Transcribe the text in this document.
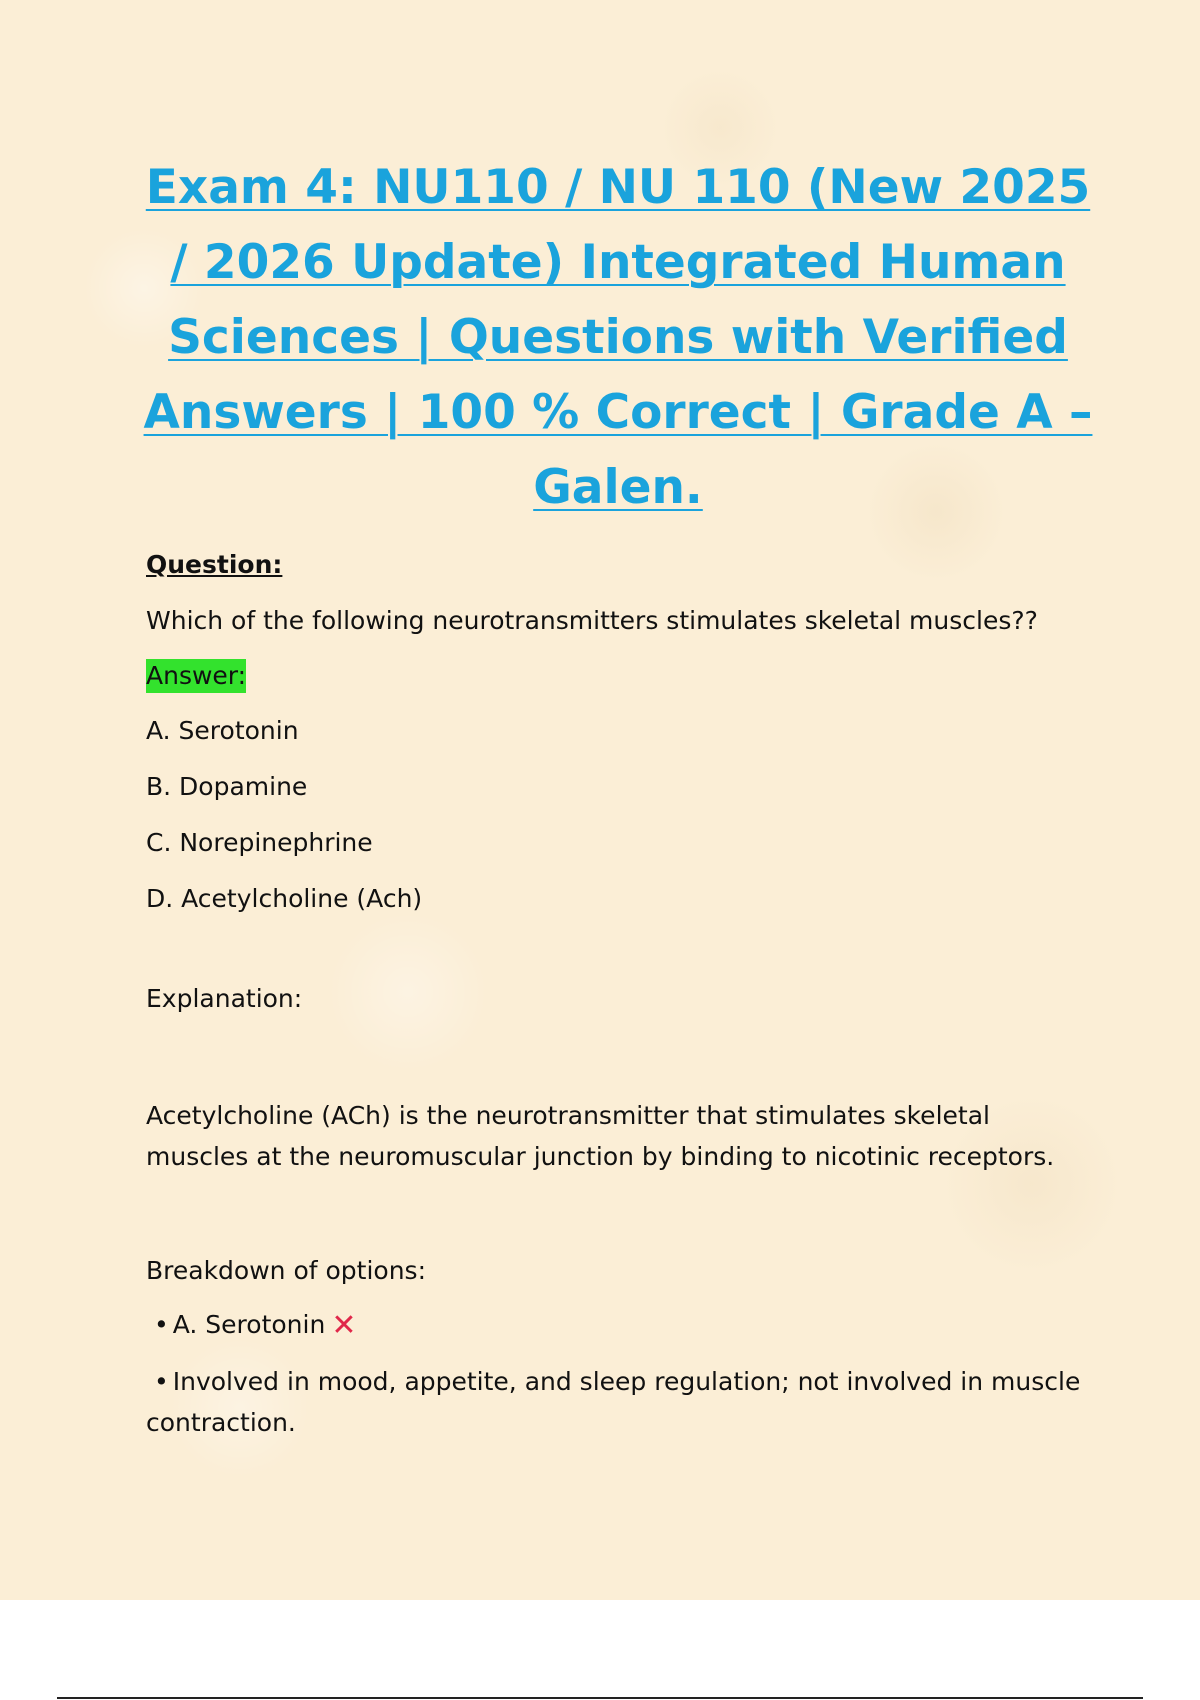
Exam 4: NU110 / NU 110 (New 2025 / 2026 Update) Integrated Human Sciences | Questions with Verified Answers | 100 % Correct | Grade A – Galen.

Question:

Which of the following neurotransmitters stimulates skeletal muscles??

Answer:

A. Serotonin

B. Dopamine

C. Norepinephrine

D. Acetylcholine (Ach)

Explanation:

Acetylcholine (ACh) is the neurotransmitter that stimulates skeletal muscles at the neuromuscular junction by binding to nicotinic receptors.

Breakdown of options:

• A. Serotonin ✕

• Involved in mood, appetite, and sleep regulation; not involved in muscle contraction.
